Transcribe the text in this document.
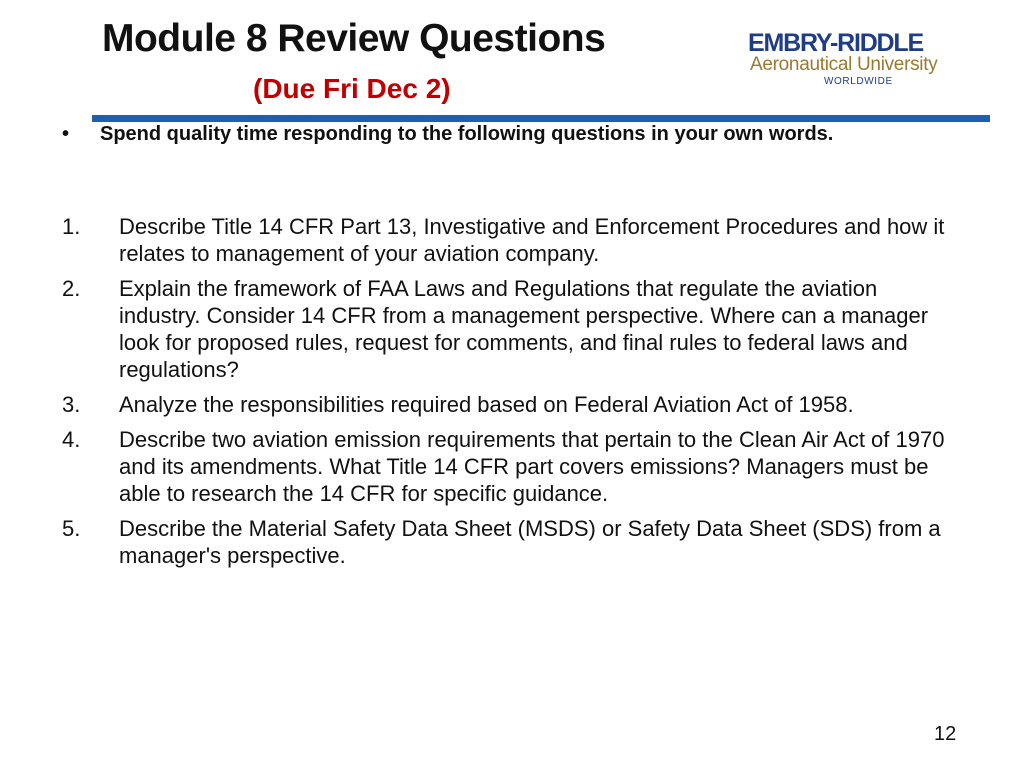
Module 8 Review Questions
(Due Fri Dec 2)
EMBRY-RIDDLE
Aeronautical University
WORLDWIDE
• Spend quality time responding to the following questions in your own words.
1. Describe Title 14 CFR Part 13, Investigative and Enforcement Procedures and how it relates to management of your aviation company.
2. Explain the framework of FAA Laws and Regulations that regulate the aviation industry. Consider 14 CFR from a management perspective. Where can a manager look for proposed rules, request for comments, and final rules to federal laws and regulations?
3. Analyze the responsibilities required based on Federal Aviation Act of 1958.
4. Describe two aviation emission requirements that pertain to the Clean Air Act of 1970 and its amendments. What Title 14 CFR part covers emissions? Managers must be able to research the 14 CFR for specific guidance.
5. Describe the Material Safety Data Sheet (MSDS) or Safety Data Sheet (SDS) from a manager's perspective.
12
